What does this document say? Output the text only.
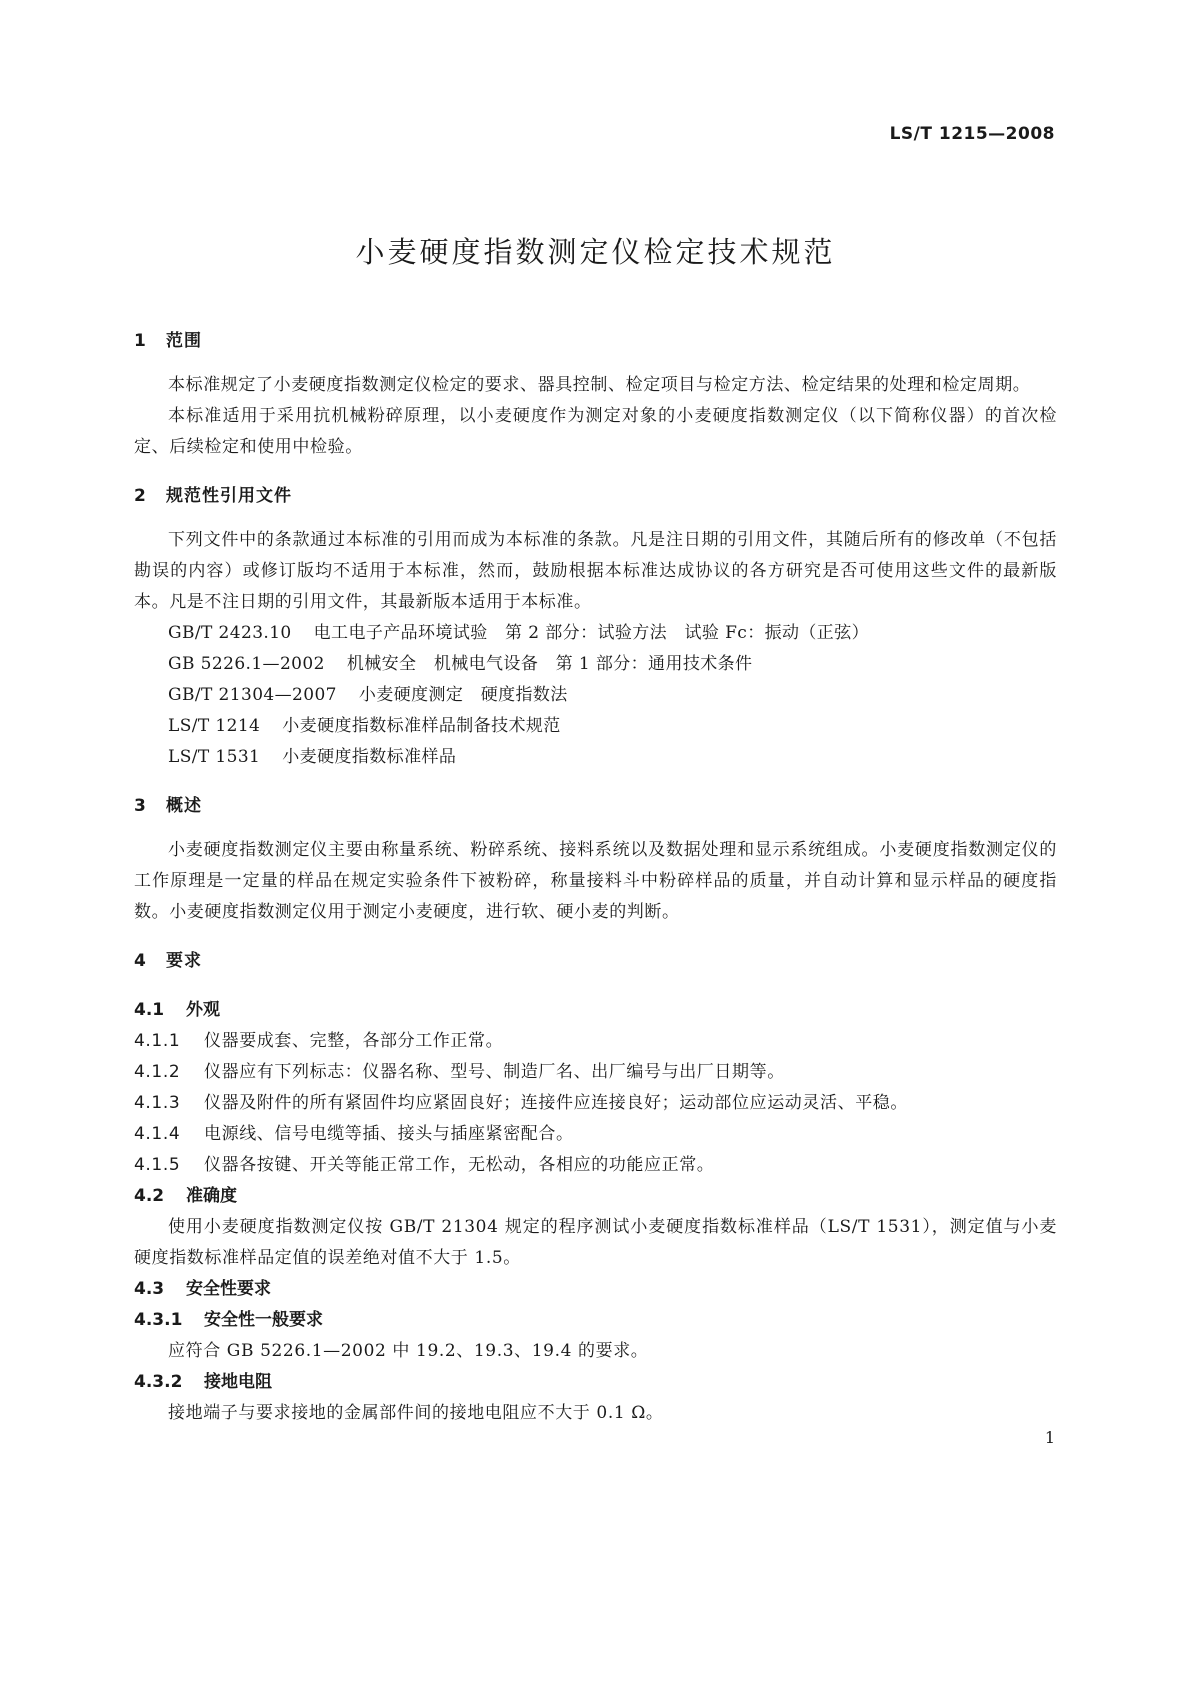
LS/T 1215—2008
小麦硬度指数测定仪检定技术规范
1 范围
本标准规定了小麦硬度指数测定仪检定的要求、器具控制、检定项目与检定方法、检定结果的处理和检定周期。
本标准适用于采用抗机械粉碎原理，以小麦硬度作为测定对象的小麦硬度指数测定仪（以下简称仪器）的首次检定、后续检定和使用中检验。
2 规范性引用文件
下列文件中的条款通过本标准的引用而成为本标准的条款。凡是注日期的引用文件，其随后所有的修改单（不包括勘误的内容）或修订版均不适用于本标准，然而，鼓励根据本标准达成协议的各方研究是否可使用这些文件的最新版本。凡是不注日期的引用文件，其最新版本适用于本标准。
GB/T 2423.10 电工电子产品环境试验　第 2 部分：试验方法　试验 Fc：振动（正弦）
GB 5226.1—2002 机械安全　机械电气设备　第 1 部分：通用技术条件
GB/T 21304—2007 小麦硬度测定　硬度指数法
LS/T 1214 小麦硬度指数标准样品制备技术规范
LS/T 1531 小麦硬度指数标准样品
3 概述
小麦硬度指数测定仪主要由称量系统、粉碎系统、接料系统以及数据处理和显示系统组成。小麦硬度指数测定仪的工作原理是一定量的样品在规定实验条件下被粉碎，称量接料斗中粉碎样品的质量，并自动计算和显示样品的硬度指数。小麦硬度指数测定仪用于测定小麦硬度，进行软、硬小麦的判断。
4 要求
4.1 外观
4.1.1 仪器要成套、完整，各部分工作正常。
4.1.2 仪器应有下列标志：仪器名称、型号、制造厂名、出厂编号与出厂日期等。
4.1.3 仪器及附件的所有紧固件均应紧固良好；连接件应连接良好；运动部位应运动灵活、平稳。
4.1.4 电源线、信号电缆等插、接头与插座紧密配合。
4.1.5 仪器各按键、开关等能正常工作，无松动，各相应的功能应正常。
4.2 准确度
使用小麦硬度指数测定仪按 GB/T 21304 规定的程序测试小麦硬度指数标准样品（LS/T 1531），测定值与小麦硬度指数标准样品定值的误差绝对值不大于 1.5。
4.3 安全性要求
4.3.1 安全性一般要求
应符合 GB 5226.1—2002 中 19.2、19.3、19.4 的要求。
4.3.2 接地电阻
接地端子与要求接地的金属部件间的接地电阻应不大于 0.1 Ω。
1
